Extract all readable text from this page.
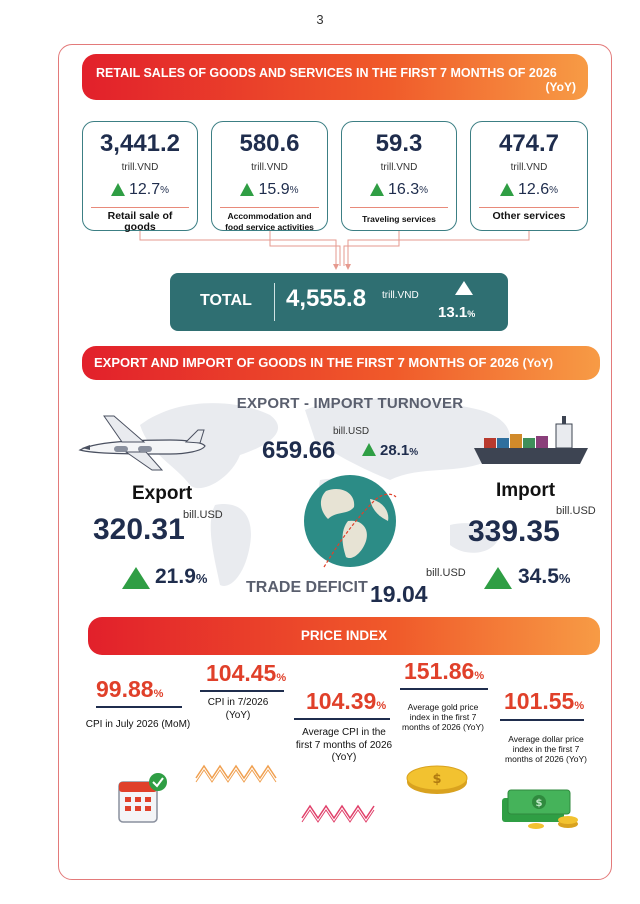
3
RETAIL SALES OF GOODS AND SERVICES IN THE FIRST 7 MONTHS OF 2026
(YoY)
3,441.2
trill.VND
12.7 %
Retail sale of goods
580.6
trill.VND
15.9 %
Accommodation and food service activities
59.3
trill.VND
16.3 %
Traveling services
474.7
trill.VND
12.6 %
Other services
TOTAL 4,555.8 trill.VND
13.1%
EXPORT AND IMPORT OF GOODS IN THE FIRST 7 MONTHS OF 2026 (YoY)
EXPORT - IMPORT TURNOVER
659.66
bill.USD
28.1%
Export
320.31
bill.USD
21.9%
Import
bill.USD
339.35
34.5%
TRADE DEFICIT 19.04
bill.USD
PRICE INDEX
99.88%
CPI in July 2026 (MoM)
104.45%
CPI in 7/2026 (YoY)
104.39%
Average CPI in the first 7 months of 2026 (YoY)
151.86%
Average gold price index in the first 7 months of 2026 (YoY)
101.55%
Average dollar price index in the first 7 months of 2026 (YoY)
$
$
